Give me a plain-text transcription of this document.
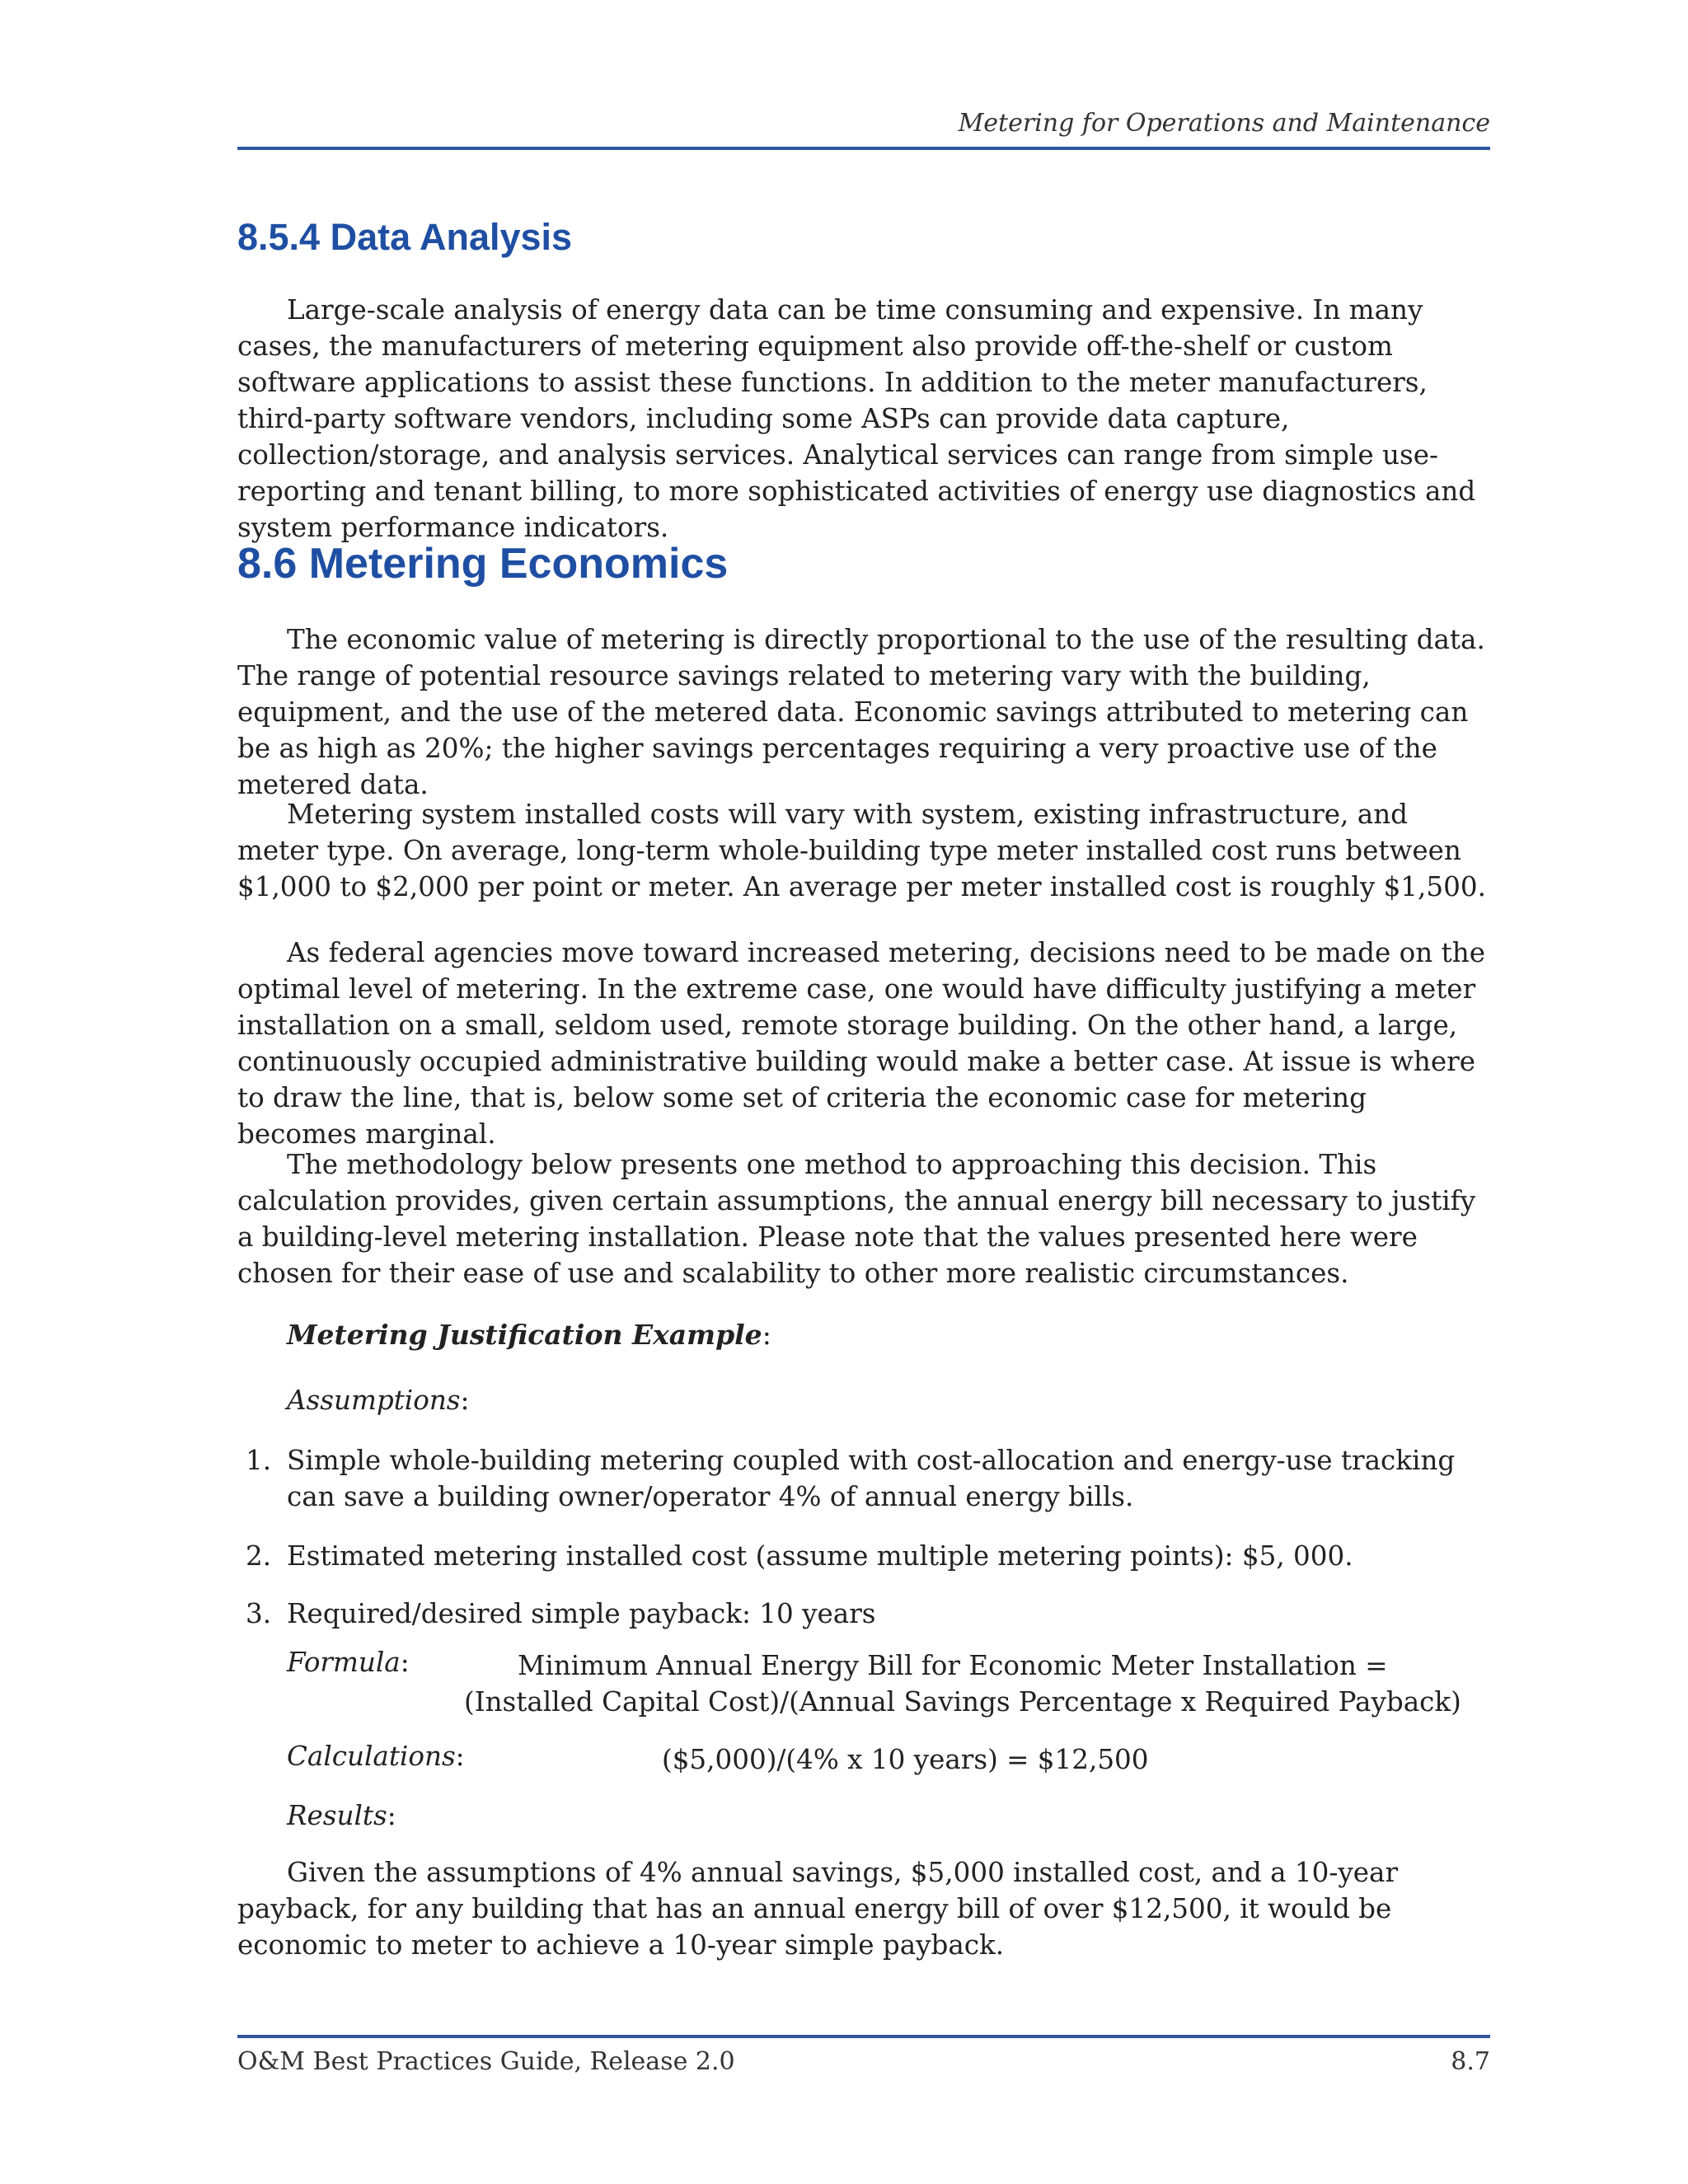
Metering for Operations and Maintenance
8.5.4 Data Analysis

Large-scale analysis of energy data can be time consuming and expensive. In many cases, the manufacturers of metering equipment also provide off-the-shelf or custom software applications to assist these functions. In addition to the meter manufacturers, third-party software vendors, including some ASPs can provide data capture, collection/storage, and analysis services. Analytical services can range from simple use-reporting and tenant billing, to more sophisticated activities of energy use diagnostics and system performance indicators.

8.6 Metering Economics

The economic value of metering is directly proportional to the use of the resulting data. The range of potential resource savings related to metering vary with the building, equipment, and the use of the metered data. Economic savings attributed to metering can be as high as 20%; the higher savings percentages requiring a very proactive use of the metered data.

Metering system installed costs will vary with system, existing infrastructure, and meter type. On average, long-term whole-building type meter installed cost runs between $1,000 to $2,000 per point or meter. An average per meter installed cost is roughly $1,500.

As federal agencies move toward increased metering, decisions need to be made on the optimal level of metering. In the extreme case, one would have difficulty justifying a meter installation on a small, seldom used, remote storage building. On the other hand, a large, continuously occupied administrative building would make a better case. At issue is where to draw the line, that is, below some set of criteria the economic case for metering becomes marginal.

The methodology below presents one method to approaching this decision. This calculation provides, given certain assumptions, the annual energy bill necessary to justify a building-level metering installation. Please note that the values presented here were chosen for their ease of use and scalability to other more realistic circumstances.

Metering Justification Example:

Assumptions:

1. Simple whole-building metering coupled with cost-allocation and energy-use tracking can save a building owner/operator 4% of annual energy bills.
2. Estimated metering installed cost (assume multiple metering points): $5, 000.
3. Required/desired simple payback: 10 years

Formula:	Minimum Annual Energy Bill for Economic Meter Installation =

(Installed Capital Cost)/(Annual Savings Percentage x Required Payback)

Calculations:	($5,000)/(4% x 10 years) = $12,500

Results:

Given the assumptions of 4% annual savings, $5,000 installed cost, and a 10-year payback, for any building that has an annual energy bill of over $12,500, it would be economic to meter to achieve a 10-year simple payback.

O&M Best Practices Guide, Release 2.0	8.7
